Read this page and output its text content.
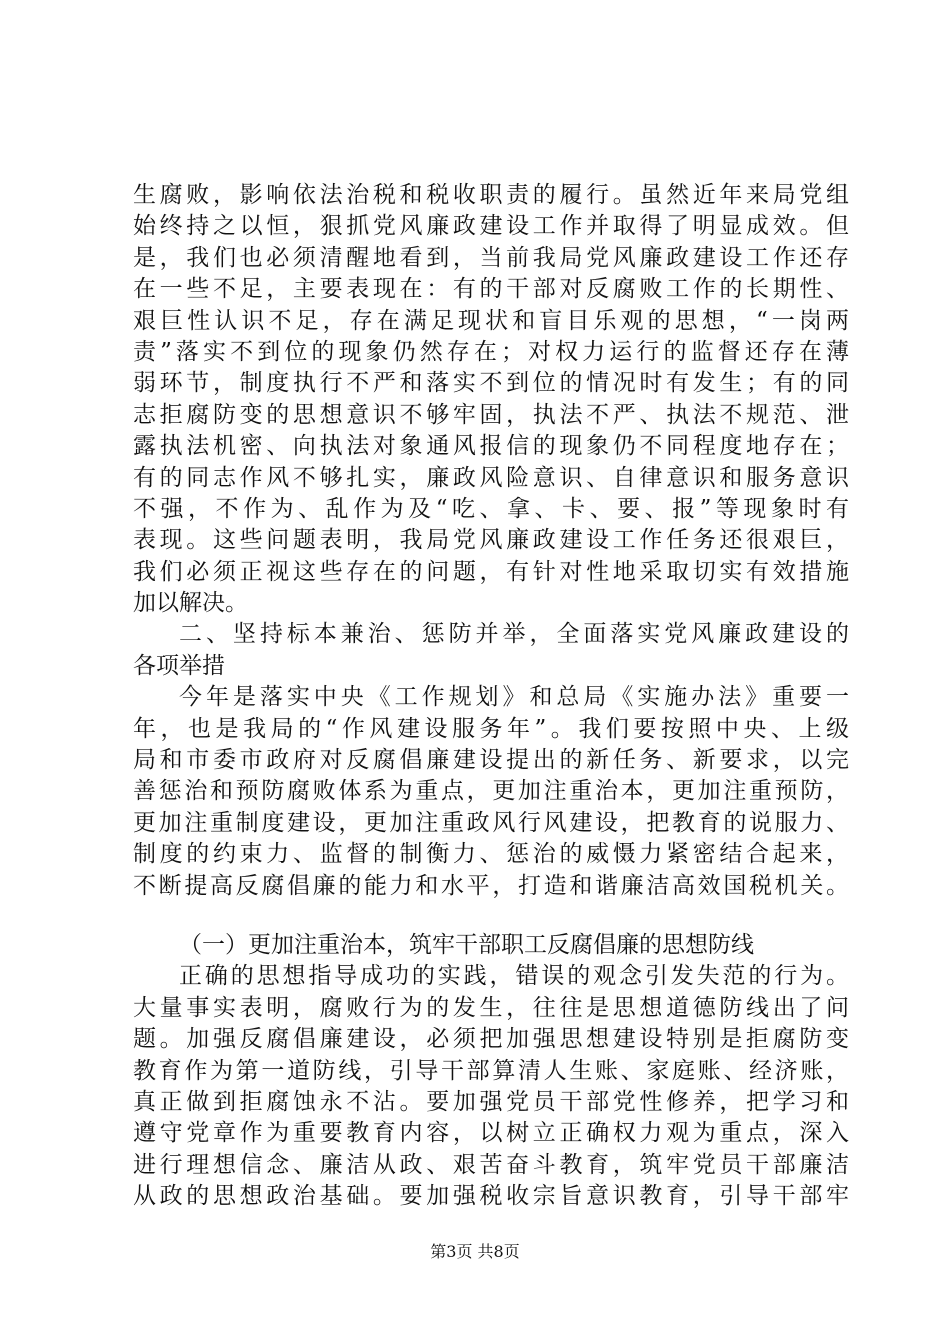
生腐败，影响依法治税和税收职责的履行。虽然近年来局党组
始终持之以恒，狠抓党风廉政建设工作并取得了明显成效。但
是，我们也必须清醒地看到，当前我局党风廉政建设工作还存
在一些不足，主要表现在：有的干部对反腐败工作的长期性、
艰巨性认识不足，存在满足现状和盲目乐观的思想，“一岗两
责”落实不到位的现象仍然存在；对权力运行的监督还存在薄
弱环节，制度执行不严和落实不到位的情况时有发生；有的同
志拒腐防变的思想意识不够牢固，执法不严、执法不规范、泄
露执法机密、向执法对象通风报信的现象仍不同程度地存在；
有的同志作风不够扎实，廉政风险意识、自律意识和服务意识
不强，不作为、乱作为及“吃、拿、卡、要、报”等现象时有
表现。这些问题表明，我局党风廉政建设工作任务还很艰巨，
我们必须正视这些存在的问题，有针对性地采取切实有效措施
加以解决。
二、坚持标本兼治、惩防并举，全面落实党风廉政建设的
各项举措
今年是落实中央《工作规划》和总局《实施办法》重要一
年，也是我局的“作风建设服务年”。我们要按照中央、上级
局和市委市政府对反腐倡廉建设提出的新任务、新要求，以完
善惩治和预防腐败体系为重点，更加注重治本，更加注重预防，
更加注重制度建设，更加注重政风行风建设，把教育的说服力、
制度的约束力、监督的制衡力、惩治的威慑力紧密结合起来，
不断提高反腐倡廉的能力和水平，打造和谐廉洁高效国税机关。
（一）更加注重治本，筑牢干部职工反腐倡廉的思想防线
正确的思想指导成功的实践，错误的观念引发失范的行为。
大量事实表明，腐败行为的发生，往往是思想道德防线出了问
题。加强反腐倡廉建设，必须把加强思想建设特别是拒腐防变
教育作为第一道防线，引导干部算清人生账、家庭账、经济账，
真正做到拒腐蚀永不沾。要加强党员干部党性修养，把学习和
遵守党章作为重要教育内容，以树立正确权力观为重点，深入
进行理想信念、廉洁从政、艰苦奋斗教育，筑牢党员干部廉洁
从政的思想政治基础。要加强税收宗旨意识教育，引导干部牢
第3页 共8页
